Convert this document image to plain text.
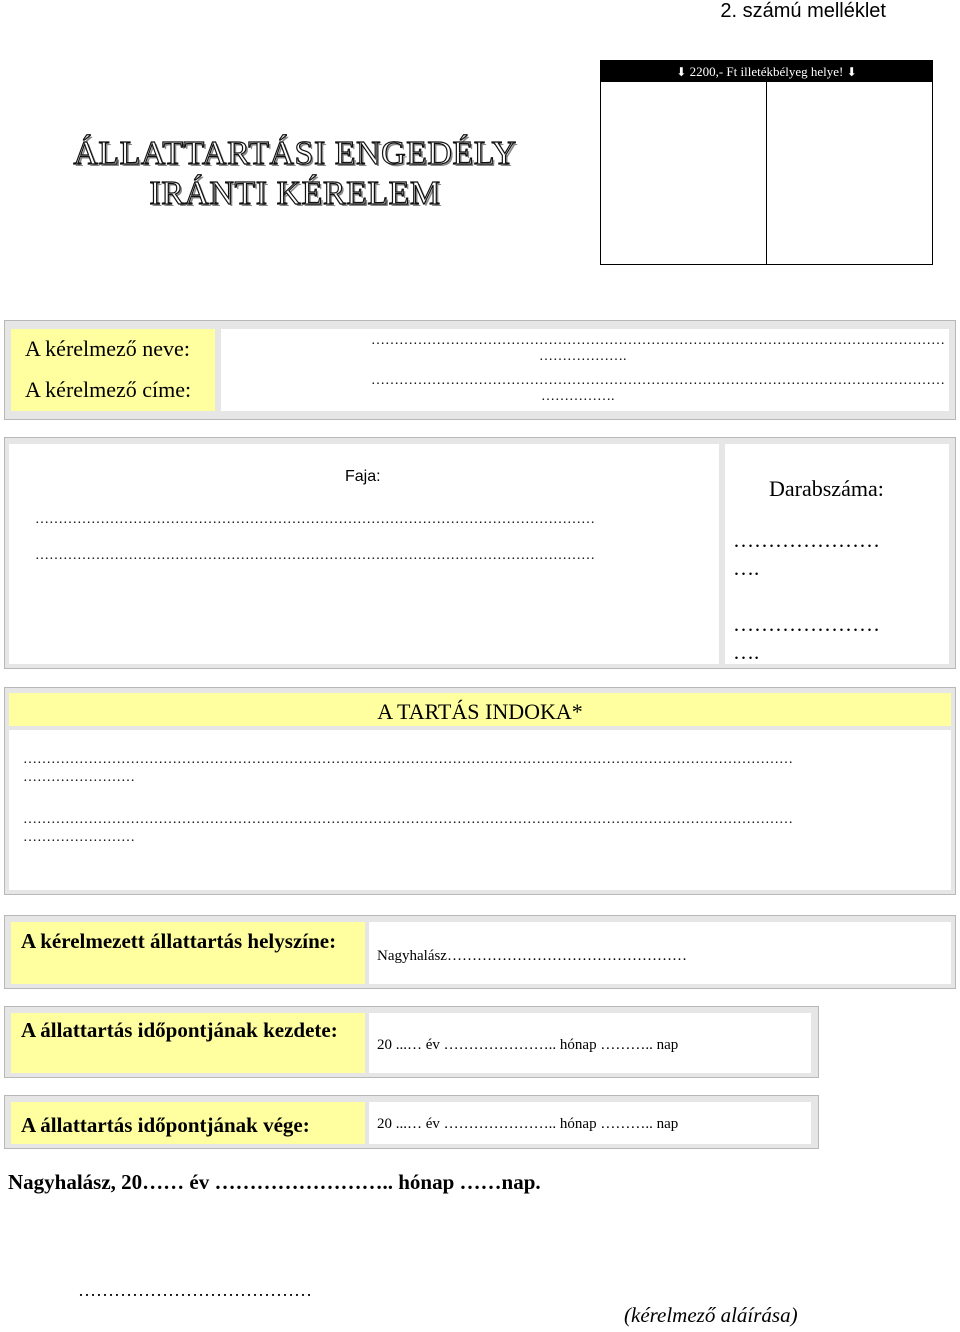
2. számú melléklet
⬇ 2200,- Ft illetékbélyeg helye! ⬇
ÁLLATTARTÁSI ENGEDÉLY
IRÁNTI KÉRELEM
A kérelmező neve:
A kérelmező címe:
……………………………………………………………………………………………………………
……………….
……………………………………………………………………………………………………………
…………….
Faja:
…………………………………………………………………………………………………………
…………………………………………………………………………………………………………
Darabszáma:
…………………
….
…………………
….
A TARTÁS INDOKA*
…………………………………………………………………………………………………………………………………………………
……………………
…………………………………………………………………………………………………………………………………………………
……………………
A kérelmezett állattartás helyszíne:
Nagyhalász…………………………………………
A állattartás időpontjának kezdete:
20 ...… év ………………….. hónap ……….. nap
A állattartás időpontjának vége:	20 ...… év ………………….. hónap ……….. nap
Nagyhalász, 20…… év …………………….. hónap ……nap.
…………………………………
(kérelmező aláírása)
